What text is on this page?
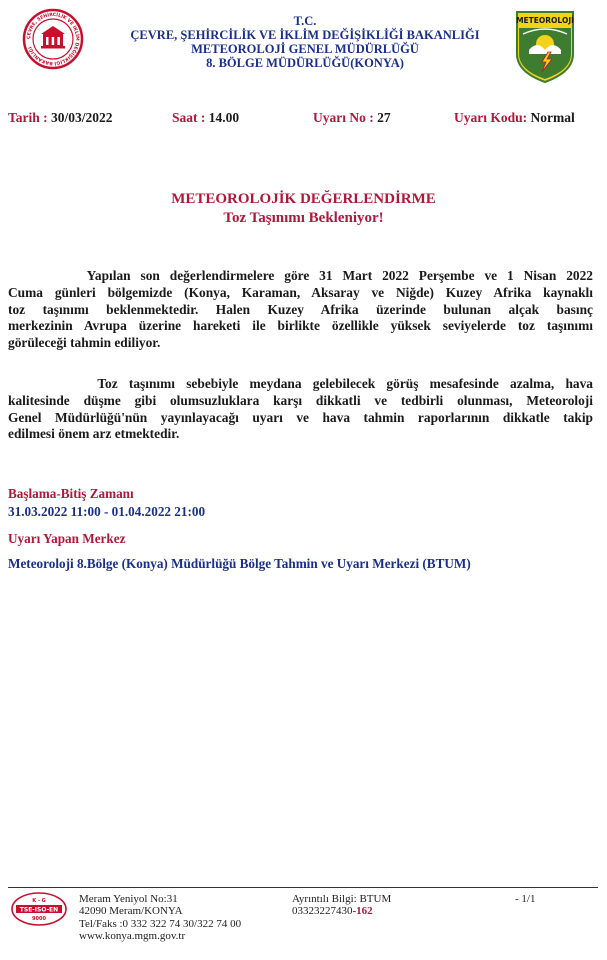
ÇEVRE, ŞEHİRCİLİK VE İKLİM DEĞİŞİKLİĞİ BAKANLIĞI
T.C.
ÇEVRE, ŞEHİRCİLİK VE İKLİM DEĞİŞİKLİĞİ BAKANLIĞI
METEOROLOJİ GENEL MÜDÜRLÜĞÜ
8. BÖLGE MÜDÜRLÜĞÜ(KONYA)
METEOROLOJİ
Tarih : 30/03/2022	Saat : 14.00	Uyarı No : 27	Uyarı Kodu: Normal
METEOROLOJİK DEĞERLENDİRME
Toz Taşınımı Bekleniyor!
Yapılan son değerlendirmelere göre 31 Mart 2022 Perşembe ve 1 Nisan 2022
Cuma günleri bölgemizde (Konya, Karaman, Aksaray ve Niğde) Kuzey Afrika kaynaklı
toz taşınımı beklenmektedir. Halen Kuzey Afrika üzerinde bulunan alçak basınç
merkezinin Avrupa üzerine hareketi ile birlikte özellikle yüksek seviyelerde toz taşınımı
görüleceği tahmin ediliyor.
Toz taşınımı sebebiyle meydana gelebilecek görüş mesafesinde azalma, hava
kalitesinde düşme gibi olumsuzluklara karşı dikkatli ve tedbirli olunması, Meteoroloji
Genel Müdürlüğü'nün yayınlayacağı uyarı ve hava tahmin raporlarının dikkatle takip
edilmesi önem arz etmektedir.
Başlama-Bitiş Zamanı
31.03.2022 11:00 - 01.04.2022 21:00
Uyarı Yapan Merkez
Meteoroloji 8.Bölge (Konya) Müdürlüğü Bölge Tahmin ve Uyarı Merkezi (BTUM)
K - G
TSE-ISO-EN
9000
Meram Yeniyol No:31
42090 Meram/KONYA
Tel/Faks :0 332 322 74 30/322 74 00
www.konya.mgm.gov.tr
Ayrıntılı Bilgi: BTUM
03323227430-162
- 1/1
